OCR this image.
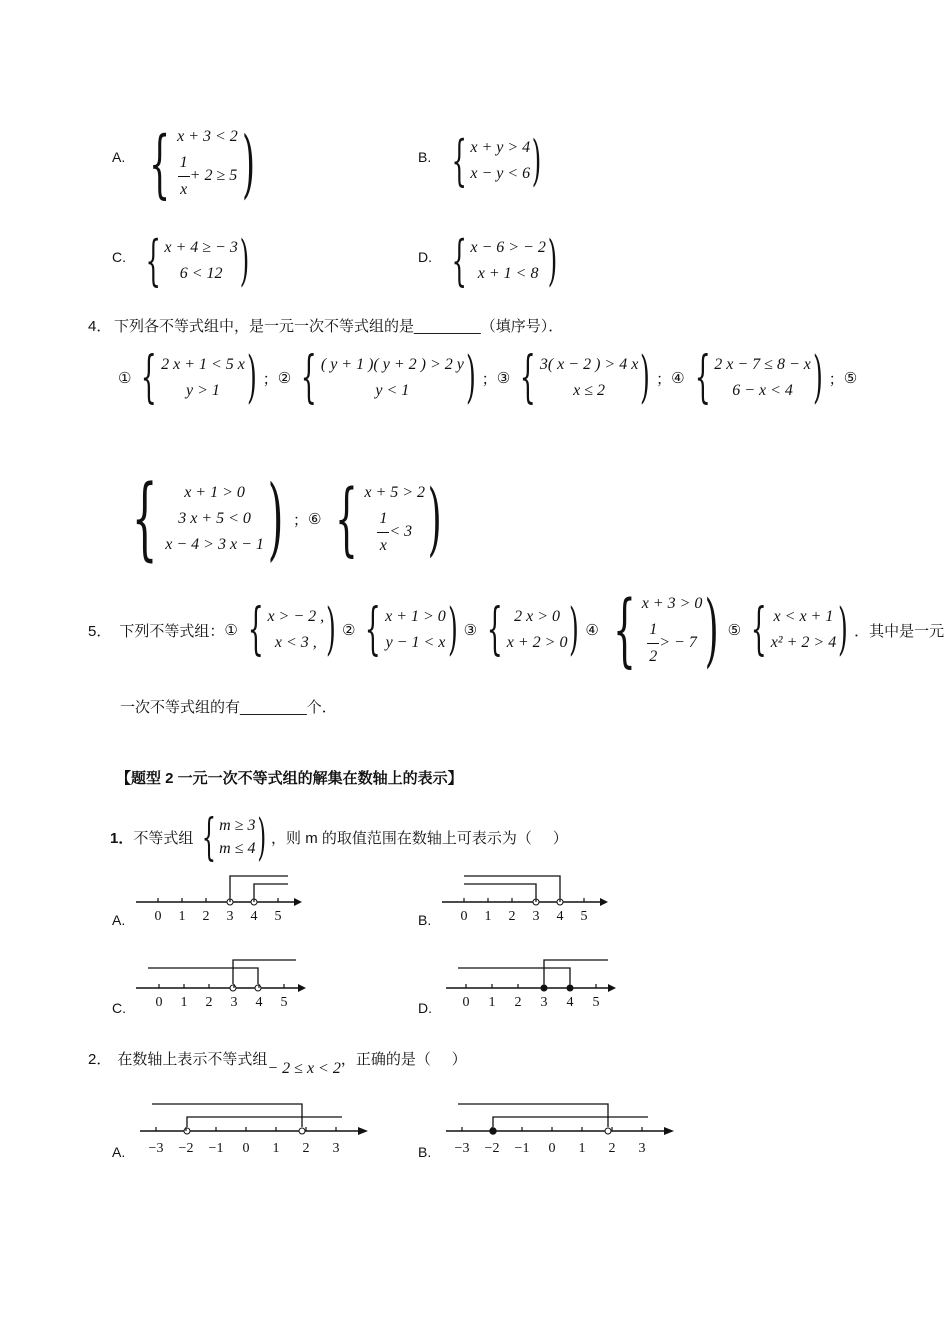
A. { x + 3 < 2
$\frac{1}{x} + 2 \ge 5$ )	B. { x + y > 4
x − y < 6 )
C. { x + 4 ≥ − 3
6 < 12 )	D. { x − 6 > − 2
x + 1 < 8 )
4． 下列各不等式组中，是一元一次不等式组的是________（填序号）．
① { 2 x + 1 < 5 x
y > 1 ) ； ② { ( y + 1 )( y + 2 ) > 2 y
y < 1	) ； ③ { 3( x − 2 ) > 4 x
x ≤ 2 ) ； ④ { 2 x − 7 ≤ 8 − x
6 − x < 4 ) ； ⑤
{	x + 1 > 0
3 x + 5 < 0
x − 4 > 3 x − 1 ) ； ⑥ { x + 5 > 2
$\frac{1}{x} < 3$ )
5． 下列不等式组： ① { x > − 2 ,
x < 3 , ) ② { x + 1 > 0
y − 1 < x ) ③ { 2 x > 0
x + 2 > 0 ) ④ { x + 3 > 0
$\frac{1}{2}$ > − 7 ) ⑤ { x < x + 1
x² + 2 > 4 ) ．其中是一元
一次不等式组的有________个．
【题型 2 一元一次不等式组的解集在数轴上的表示】
1． 不等式组 { m ≥ 3
m ≤ 4 ) ，则 m 的取值范围在数轴上可表示为（     ）
A.	B.
C.	D.
0 1 2 3 4 5	0 1 2 3 4 5
0 1 2 3 4 5	0 1 2 3 4 5
2． 在数轴上表示不等式组
− 2 ≤ x < 2
，正确的是（     ）
A.	B.
−3 −2 −1 0 1 2 3	−3 −2 −1 0 1 2 3
